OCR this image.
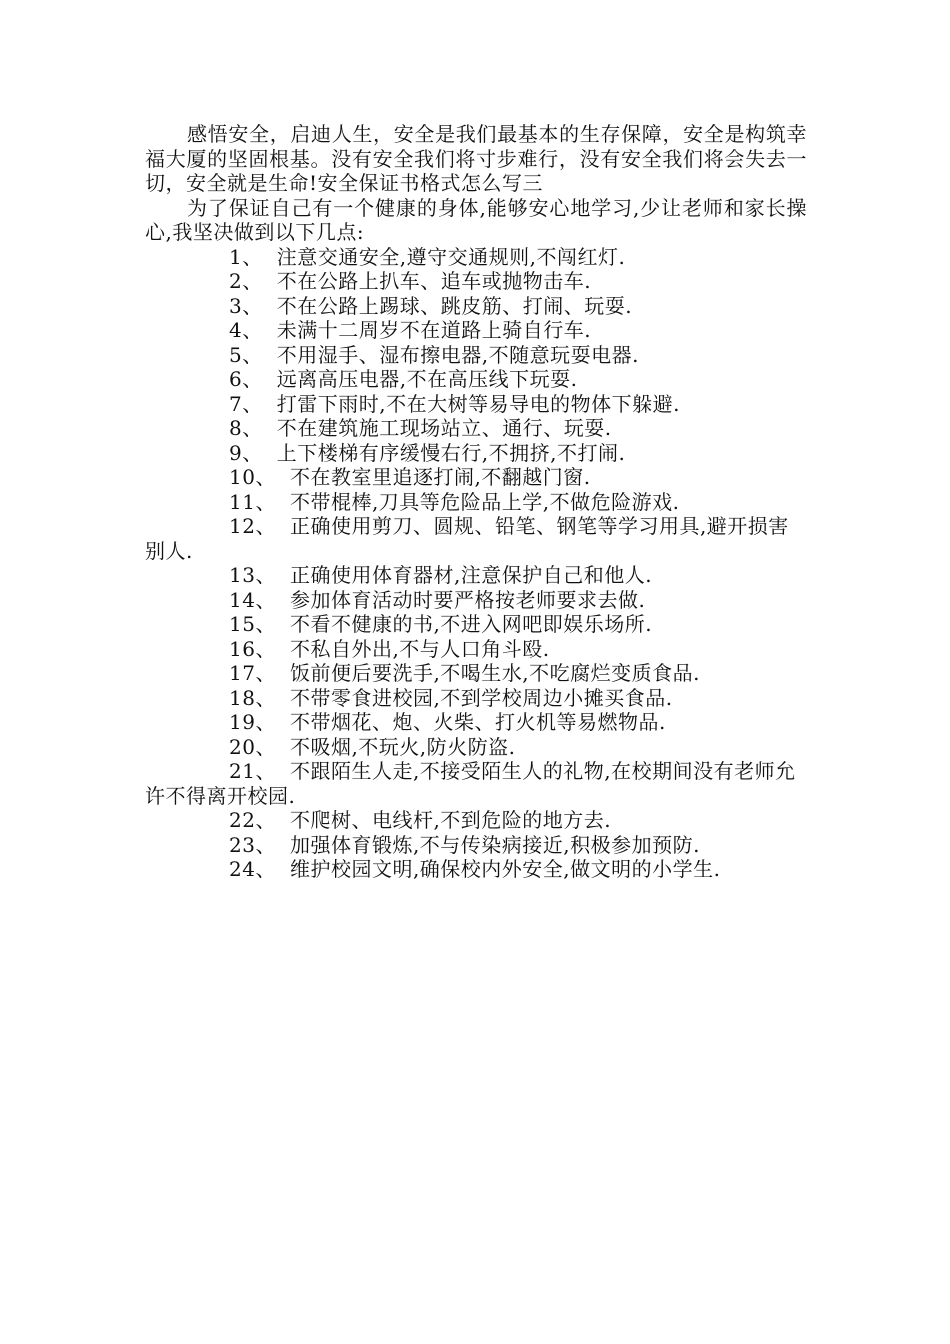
感悟安全，启迪人生，安全是我们最基本的生存保障，安全是构筑幸福大厦的坚固根基。没有安全我们将寸步难行，没有安全我们将会失去一切，安全就是生命!安全保证书格式怎么写三

为了保证自己有一个健康的身体,能够安心地学习,少让老师和家长操心,我坚决做到以下几点:

1、 注意交通安全,遵守交通规则,不闯红灯.

2、 不在公路上扒车、追车或抛物击车.

3、 不在公路上踢球、跳皮筋、打闹、玩耍.

4、 未满十二周岁不在道路上骑自行车.

5、 不用湿手、湿布擦电器,不随意玩耍电器.

6、 远离高压电器,不在高压线下玩耍.

7、 打雷下雨时,不在大树等易导电的物体下躲避.

8、 不在建筑施工现场站立、通行、玩耍.

9、 上下楼梯有序缓慢右行,不拥挤,不打闹.

10、 不在教室里追逐打闹,不翻越门窗.

11、 不带棍棒,刀具等危险品上学,不做危险游戏.

12、 正确使用剪刀、圆规、铅笔、钢笔等学习用具,避开损害别人.

13、 正确使用体育器材,注意保护自己和他人.

14、 参加体育活动时要严格按老师要求去做.

15、 不看不健康的书,不进入网吧即娱乐场所.

16、 不私自外出,不与人口角斗殴.

17、 饭前便后要洗手,不喝生水,不吃腐烂变质食品.

18、 不带零食进校园,不到学校周边小摊买食品.

19、 不带烟花、炮、火柴、打火机等易燃物品.

20、 不吸烟,不玩火,防火防盗.

21、 不跟陌生人走,不接受陌生人的礼物,在校期间没有老师允许不得离开校园.

22、 不爬树、电线杆,不到危险的地方去.

23、 加强体育锻炼,不与传染病接近,积极参加预防.

24、 维护校园文明,确保校内外安全,做文明的小学生.
